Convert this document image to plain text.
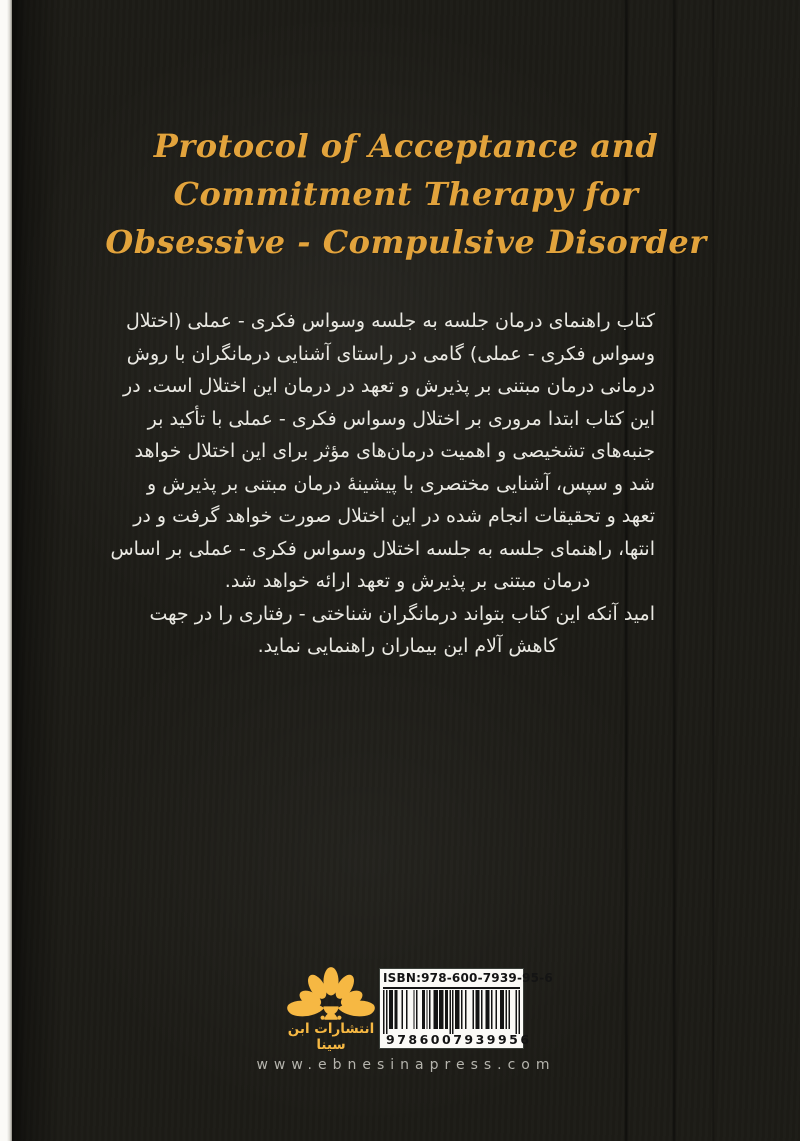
Protocol of Acceptance and
Commitment Therapy for
Obsessive - Compulsive Disorder
کتاب راهنمای درمان جلسه به جلسه وسواس فکری - عملی (اختلال
وسواس فکری - عملی) گامی در راستای آشنایی درمانگران با روش
درمانی درمان مبتنی بر پذیرش و تعهد در درمان این اختلال است. در
این کتاب ابتدا مروری بر اختلال وسواس فکری - عملی با تأکید بر
جنبه‌های تشخیصی و اهمیت درمان‌های مؤثر برای این اختلال خواهد
شد و سپس، آشنایی مختصری با پیشینهٔ درمان مبتنی بر پذیرش و
تعهد و تحقیقات انجام شده در این اختلال صورت خواهد گرفت و در
انتها، راهنمای جلسه به جلسه اختلال وسواس فکری - عملی بر اساس
درمان مبتنی بر پذیرش و تعهد ارائه خواهد شد.
امید آنکه این کتاب بتواند درمانگران شناختی - رفتاری را در جهت
کاهش آلام این بیماران راهنمایی نماید.
انتشارات ابن سینا
ISBN:978-600-7939-95-6
9 786007 939956
www.ebnesinapress.com
